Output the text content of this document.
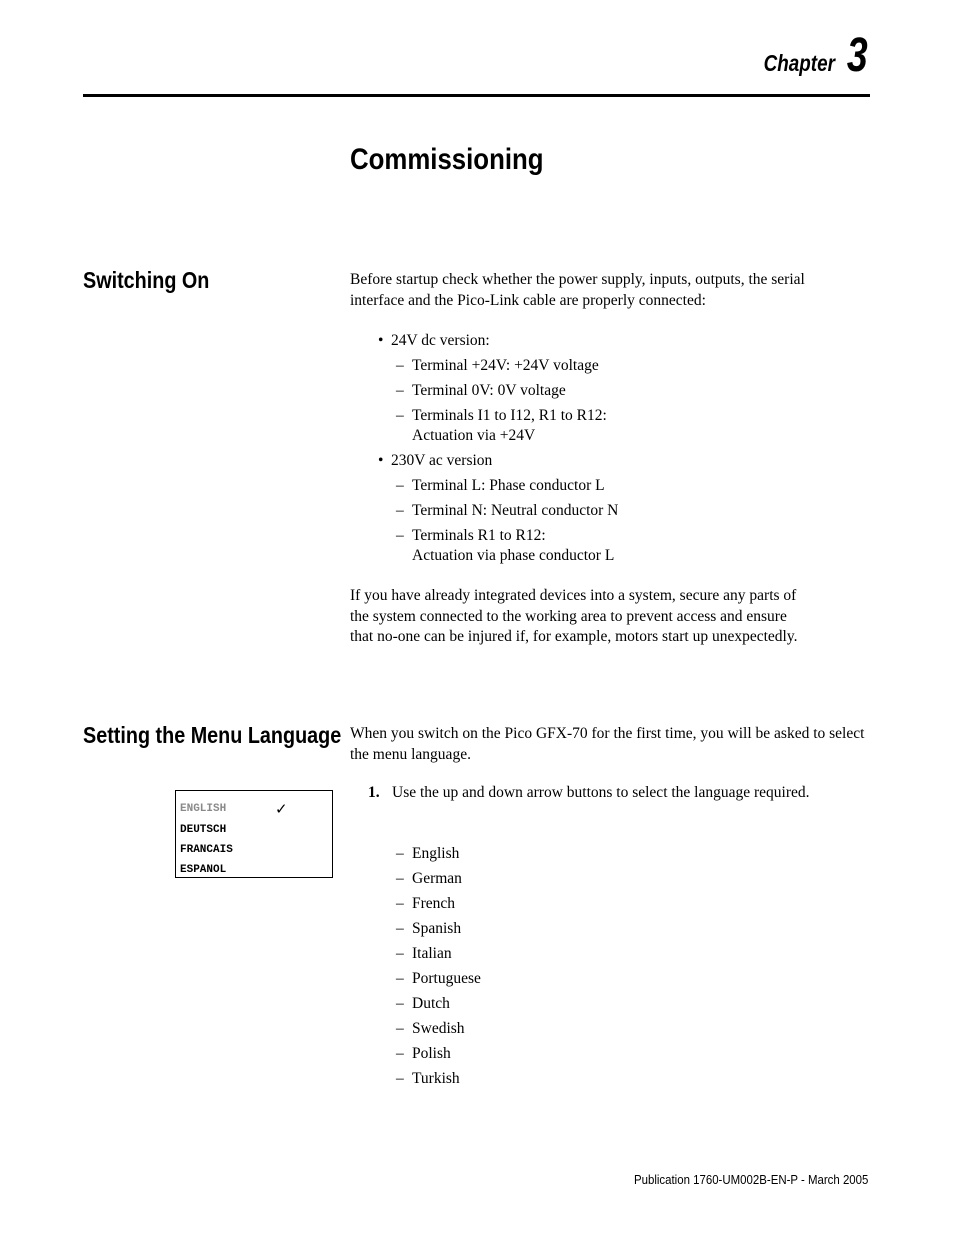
Chapter 3
Commissioning
Switching On	Before startup check whether the power supply, inputs, outputs, the serial interface and the Pico-Link cable are properly connected:
• 24V dc version:
– Terminal +24V: +24V voltage
– Terminal 0V: 0V voltage
– Terminals I1 to I12, R1 to R12:
Actuation via +24V
• 230V ac version
– Terminal L: Phase conductor L
– Terminal N: Neutral conductor N
– Terminals R1 to R12:
Actuation via phase conductor L
If you have already integrated devices into a system, secure any parts of the system connected to the working area to prevent access and ensure that no-one can be injured if, for example, motors start up unexpectedly.
Setting the Menu Language When you switch on the Pico GFX-70 for the first time, you will be asked to select the menu language.
1. Use the up and down arrow buttons to select the language required.
– English
– German
– French
– Spanish
– Italian
– Portuguese
– Dutch
– Swedish
– Polish
– Turkish
ENGLISH	✓
DEUTSCH
FRANCAIS
ESPANOL
Publication 1760-UM002B-EN-P - March 2005
